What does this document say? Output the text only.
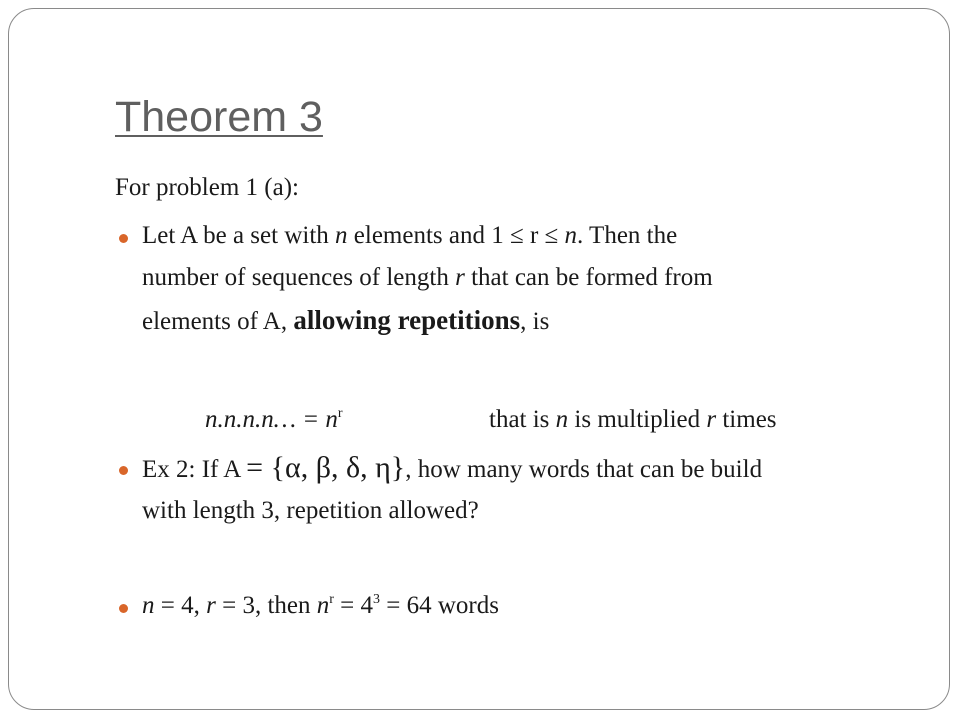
Theorem 3
For problem 1 (a):
Let A be a set with n elements and 1 ≤ r ≤ n. Then the
number of sequences of length r that can be formed from
elements of A, allowing repetitions, is
n.n.n.n… = $n^r$	that is n is multiplied r times
Ex 2: If A = {α, β, δ, η}, how many words that can be build
with length 3, repetition allowed?
n = 4, r = 3, then $n^r = 4^3 = 64$ words
